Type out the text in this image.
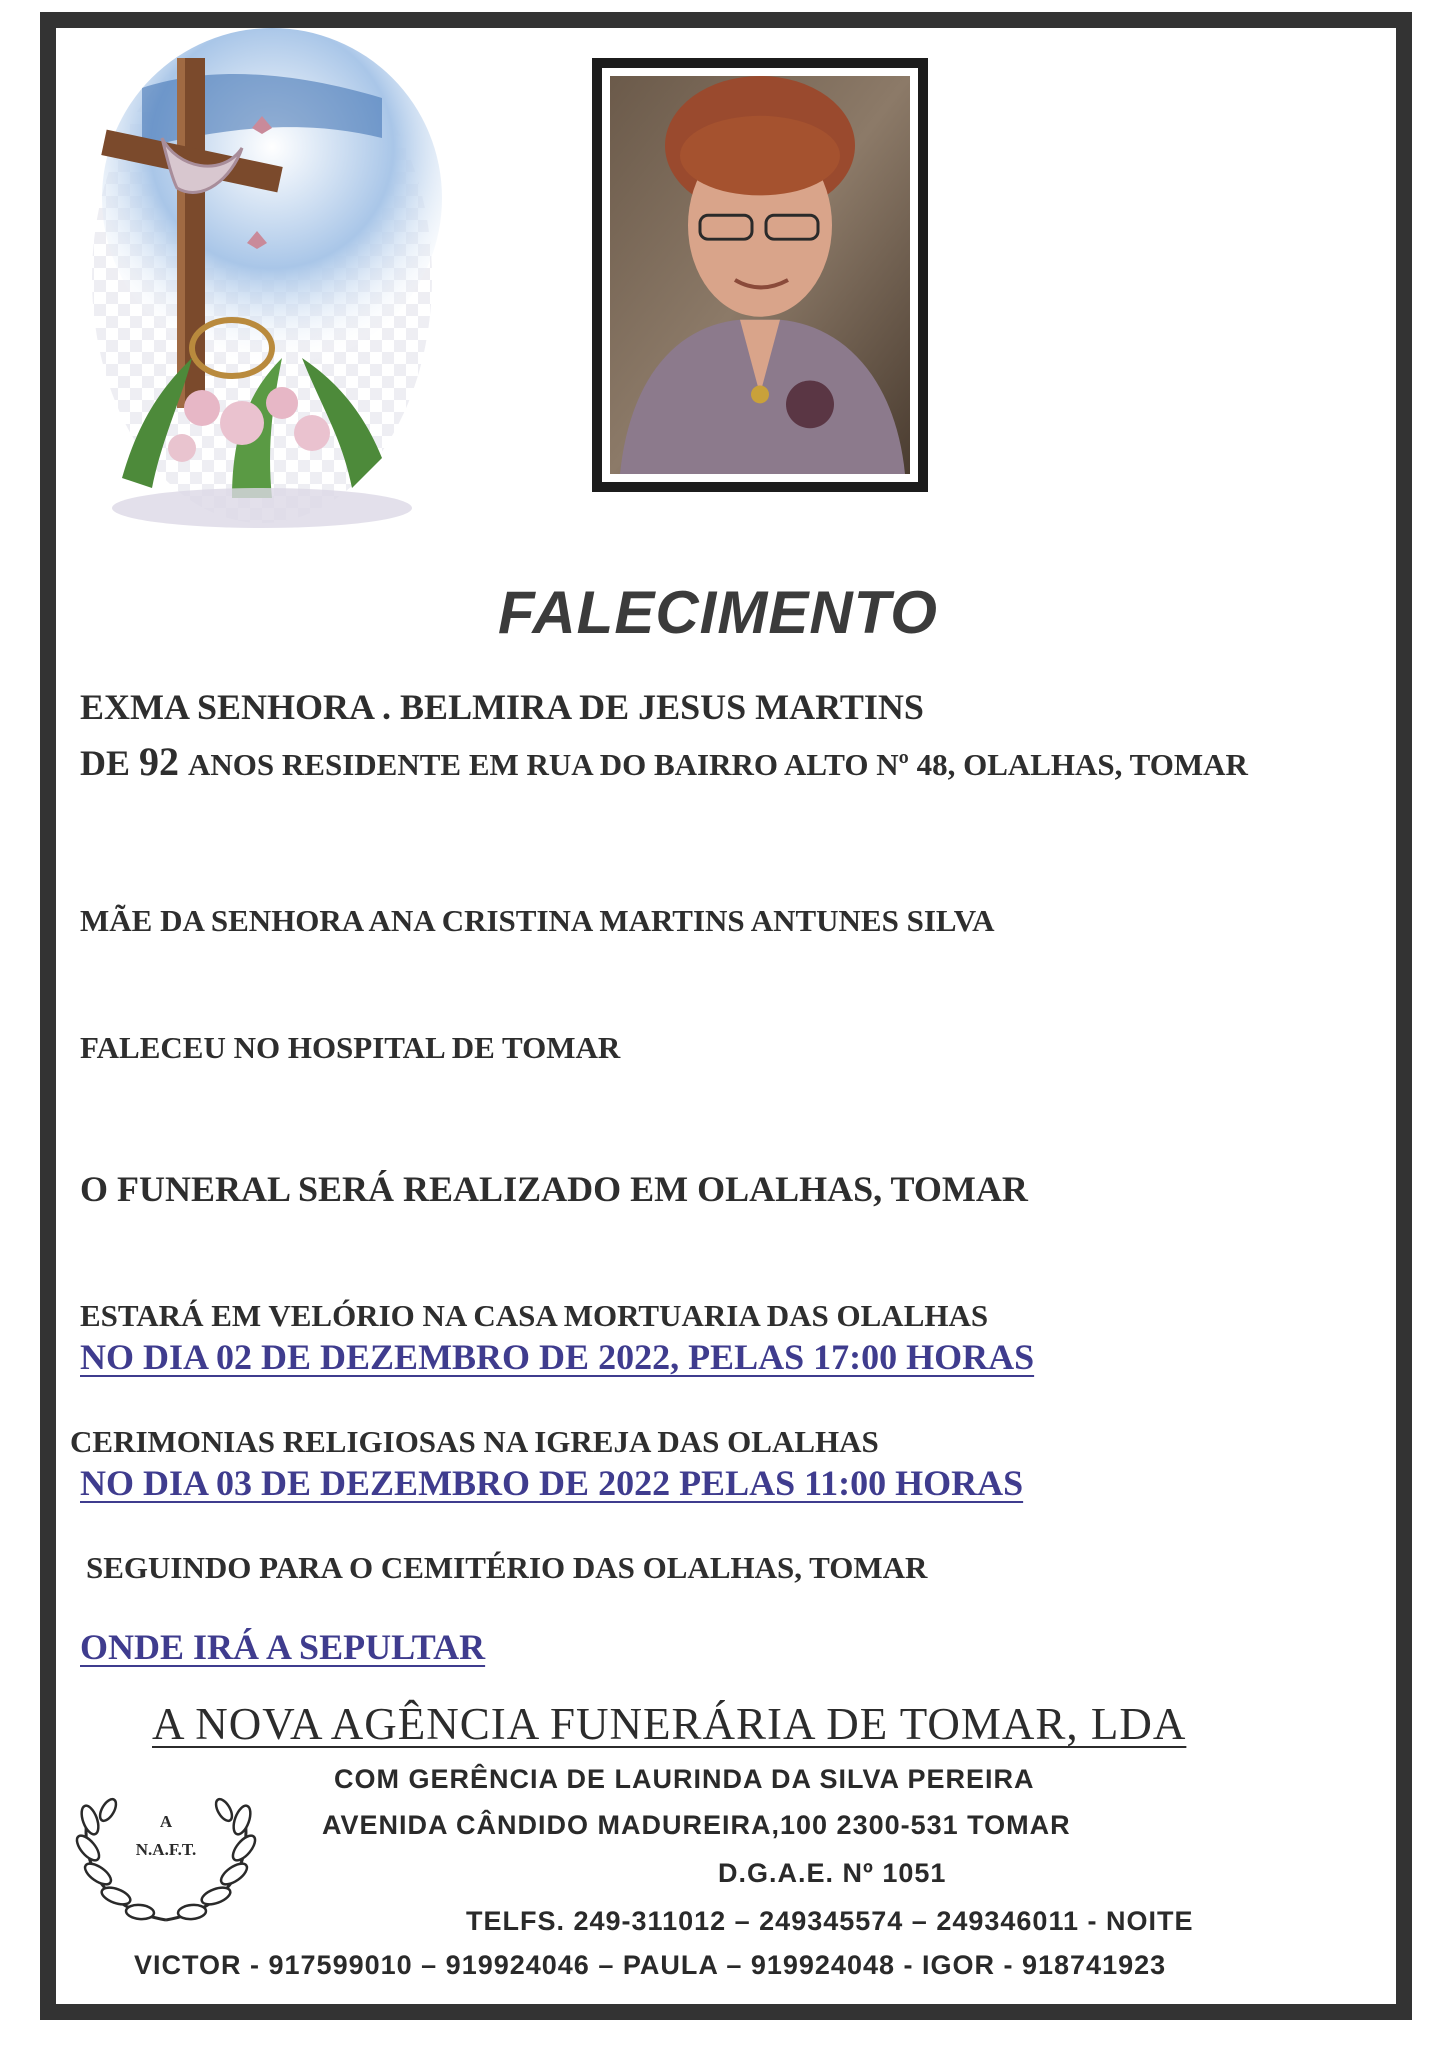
FALECIMENTO
EXMA SENHORA . BELMIRA DE JESUS MARTINS
DE 92 ANOS RESIDENTE EM RUA DO BAIRRO ALTO Nº 48, OLALHAS, TOMAR
MÃE DA SENHORA ANA CRISTINA MARTINS ANTUNES SILVA
FALECEU NO HOSPITAL DE TOMAR
O FUNERAL SERÁ REALIZADO EM OLALHAS, TOMAR
ESTARÁ EM VELÓRIO NA CASA MORTUARIA DAS OLALHAS
NO DIA 02 DE DEZEMBRO DE 2022, PELAS 17:00 HORAS
CERIMONIAS RELIGIOSAS NA IGREJA DAS OLALHAS
NO DIA 03 DE DEZEMBRO DE 2022 PELAS 11:00 HORAS
SEGUINDO PARA O CEMITÉRIO DAS OLALHAS, TOMAR
ONDE IRÁ A SEPULTAR
A NOVA AGÊNCIA FUNERÁRIA DE TOMAR, LDA
COM GERÊNCIA DE LAURINDA DA SILVA PEREIRA
AVENIDA CÂNDIDO MADUREIRA,100 2300-531 TOMAR
D.G.A.E. Nº 1051
TELFS. 249-311012 – 249345574 – 249346011 - NOITE
VICTOR - 917599010 – 919924046 – PAULA – 919924048 - IGOR - 918741923
A
N.A.F.T.
